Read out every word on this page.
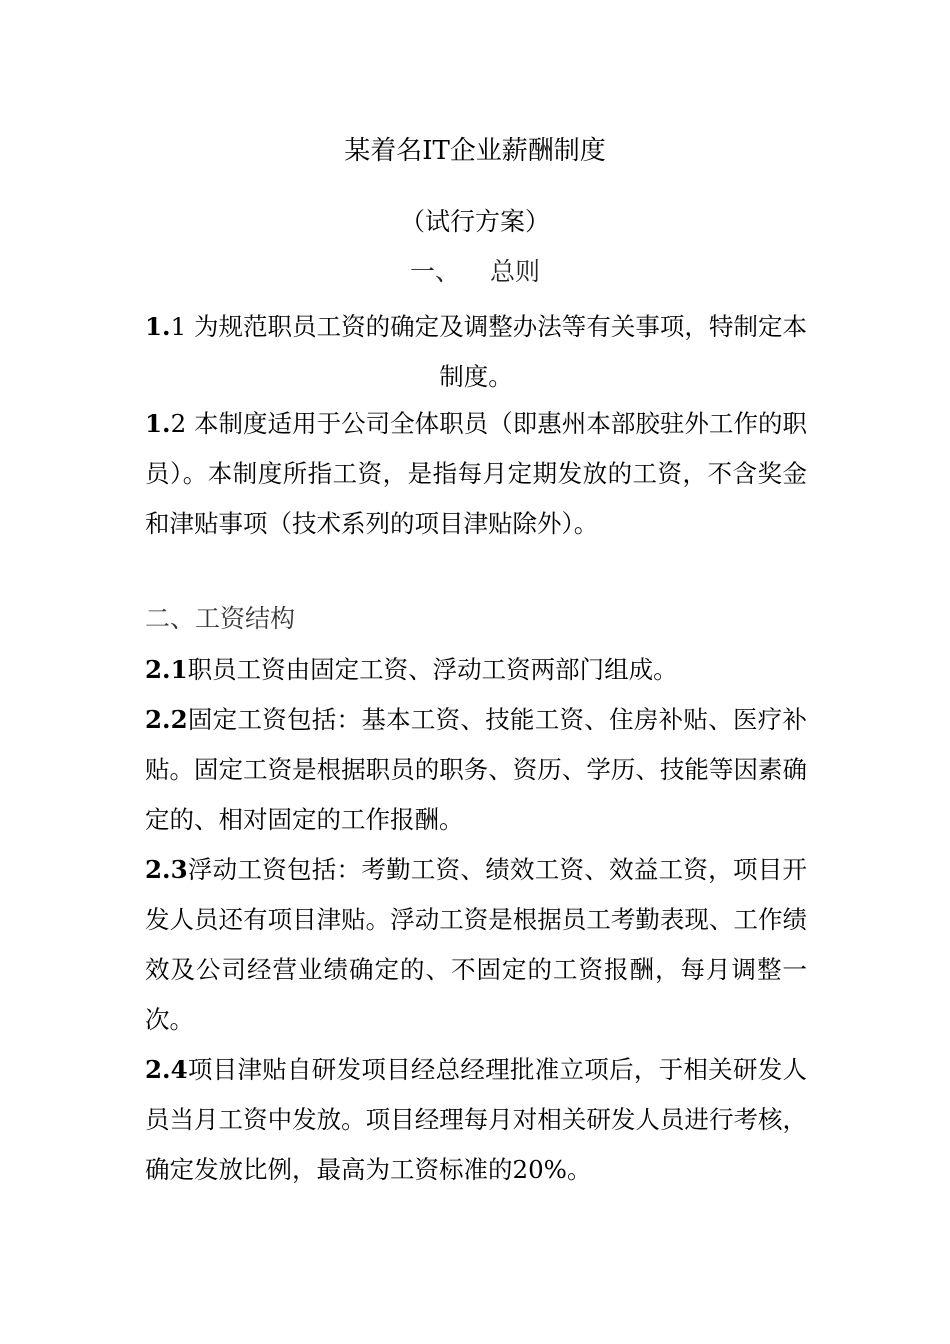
某着名IT企业薪酬制度
（试行方案）
一、 总则
1.1 为规范职员工资的确定及调整办法等有关事项，特制定本制度。
1.2 本制度适用于公司全体职员（即惠州本部胶驻外工作的职员）。本制度所指工资，是指每月定期发放的工资，不含奖金和津贴事项（技术系列的项目津贴除外）。
二、工资结构
2.1职员工资由固定工资、浮动工资两部门组成。
2.2固定工资包括：基本工资、技能工资、住房补贴、医疗补贴。固定工资是根据职员的职务、资历、学历、技能等因素确定的、相对固定的工作报酬。
2.3浮动工资包括：考勤工资、绩效工资、效益工资，项目开发人员还有项目津贴。浮动工资是根据员工考勤表现、工作绩效及公司经营业绩确定的、不固定的工资报酬，每月调整一次。
2.4项目津贴自研发项目经总经理批准立项后，于相关研发人员当月工资中发放。项目经理每月对相关研发人员进行考核，确定发放比例，最高为工资标准的20%。
